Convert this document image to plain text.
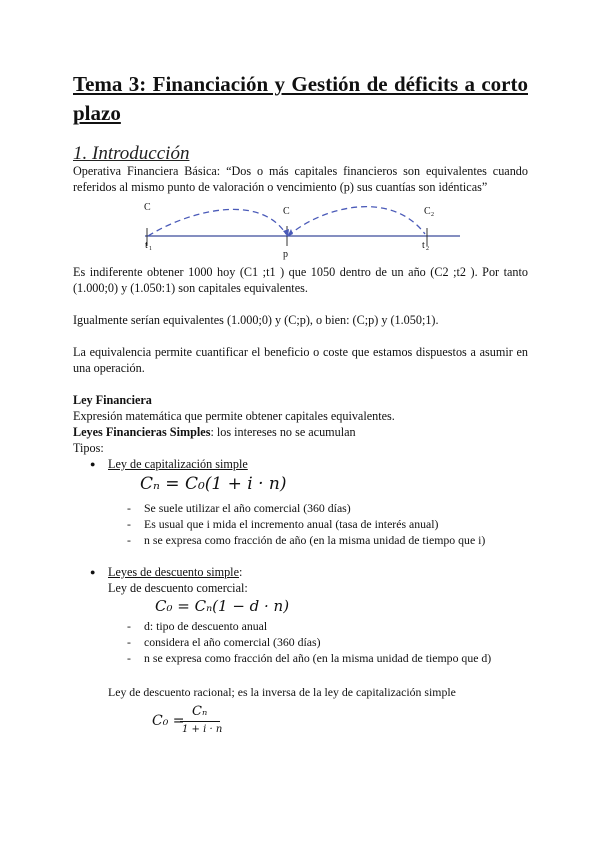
Tema 3: Financiación y Gestión de déficits a corto plazo
1. Introducción
Operativa Financiera Básica: “Dos o más capitales financieros son equivalentes cuando referidos al mismo punto de valoración o vencimiento (p) sus cuantías son idénticas”
C	C	C 2
t 1	p
t 2
Es indiferente obtener 1000 hoy (C1 ;t1 ) que 1050 dentro de un año (C2 ;t2 ). Por tanto (1.000;0) y (1.050:1) son capitales equivalentes.
Igualmente serían equivalentes (1.000;0) y (C;p), o bien: (C;p) y (1.050;1).
La equivalencia permite cuantificar el beneficio o coste que estamos dispuestos a asumir en una operación.
Ley Financiera
Expresión matemática que permite obtener capitales equivalentes.
Leyes Financieras Simples: los intereses no se acumulan
Tipos:
● Ley de capitalización simple
Cₙ = C₀(1 + i · n)
- Se suele utilizar el año comercial (360 días)
- Es usual que i mida el incremento anual (tasa de interés anual)
- n se expresa como fracción de año (en la misma unidad de tiempo que i)
● Leyes de descuento simple:
Ley de descuento comercial:
C₀ = Cₙ(1 − d · n)
- d: tipo de descuento anual
- considera el año comercial (360 días)
- n se expresa como fracción del año (en la misma unidad de tiempo que d)
Ley de descuento racional; es la inversa de la ley de capitalización simple
C₀ =
Cₙ
1 + i · n
